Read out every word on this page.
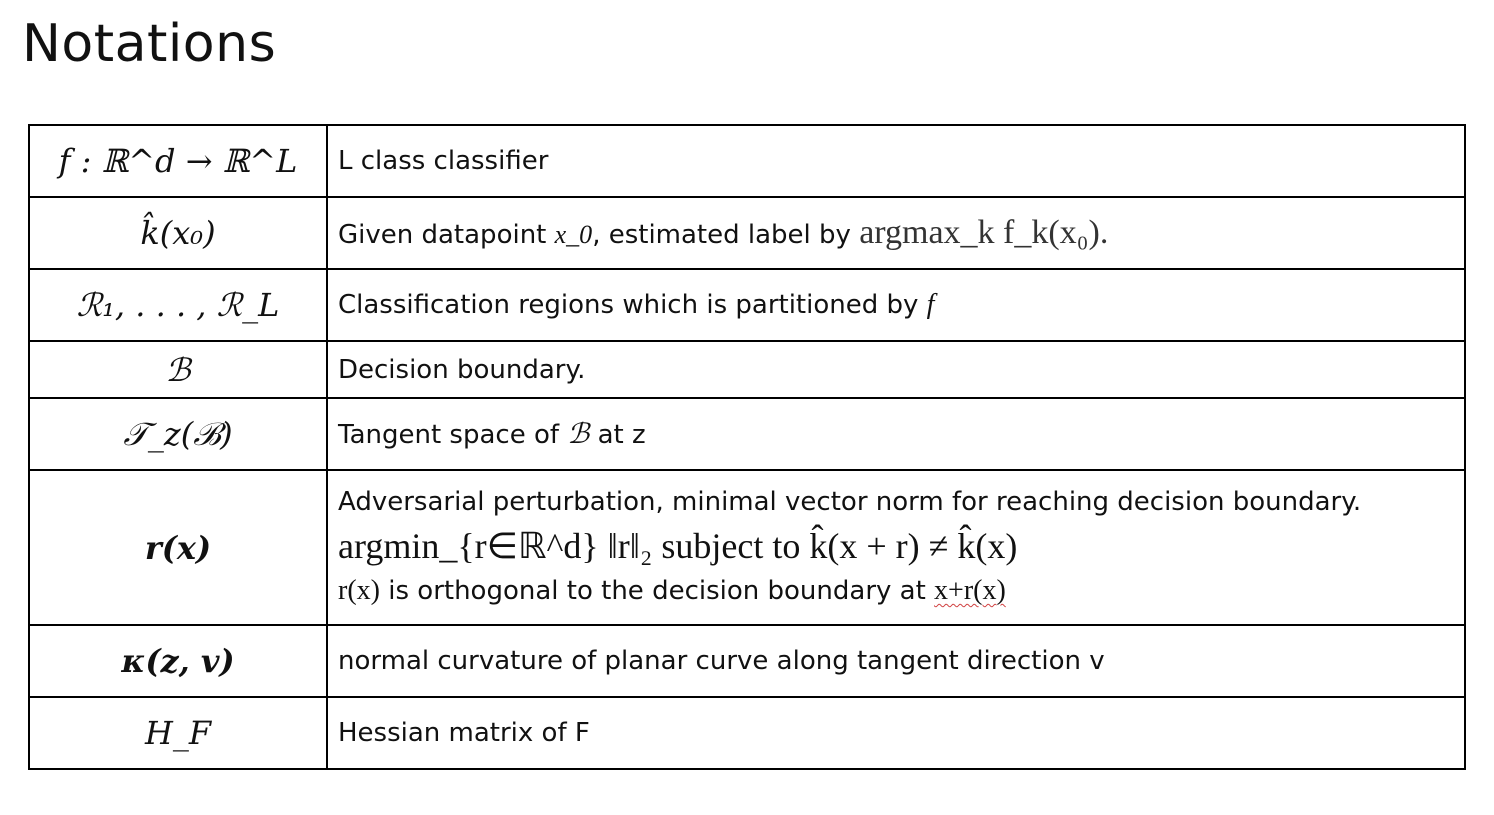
Notations
f : ℝ^d → ℝ^L	L class classifier
k̂(x₀)	Given datapoint x_0, estimated label by argmax_k f_k(x₀).
ℛ₁, . . . , ℛ_L	Classification regions which is partitioned by f
ℬ	Decision boundary.
𝒯_z(ℬ)	Tangent space of ℬ at z
r(x)	Adversarial perturbation, minimal vector norm for reaching decision boundary.
argmin_{r∈ℝ^d} ‖r‖₂ subject to k̂(x + r) ≠ k̂(x)
r(x) is orthogonal to the decision boundary at x+r(x)

κ(z, v)	normal curvature of planar curve along tangent direction v
H_F	Hessian matrix of F
